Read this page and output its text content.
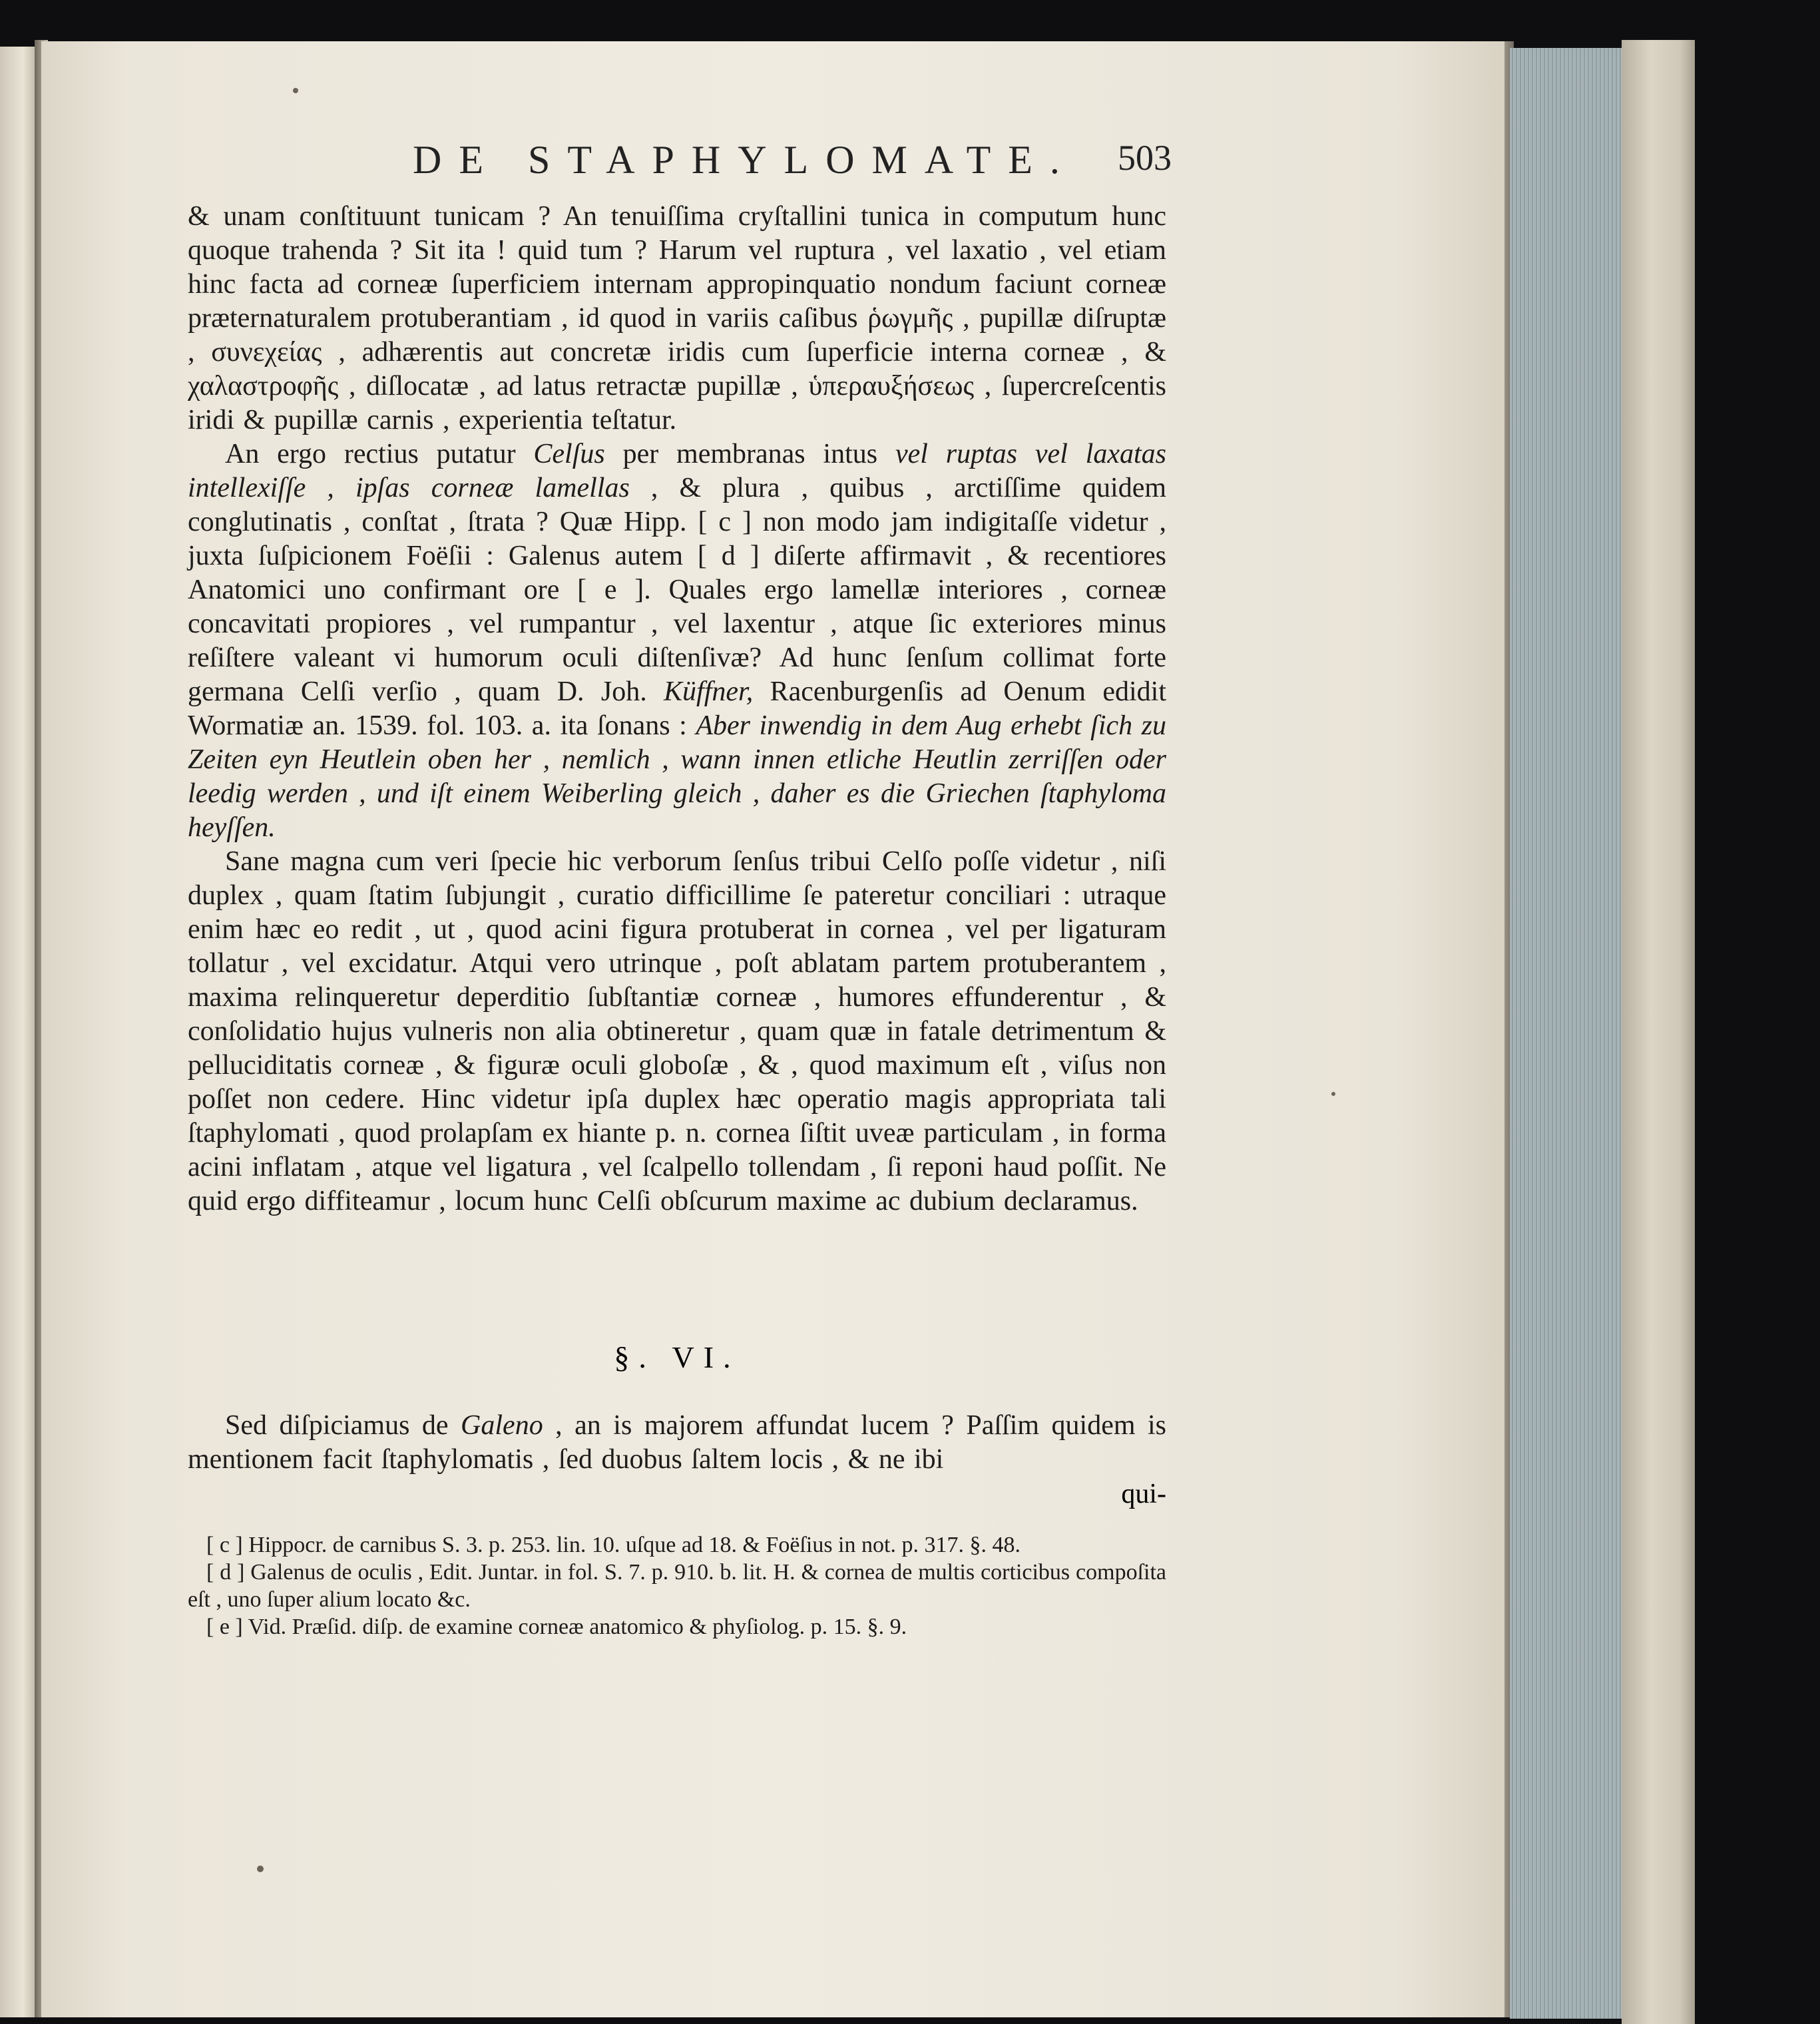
DE STAPHYLOMATE. 503

& unam conſtituunt tunicam ? An tenuiſſima cryſtallini tunica in computum hunc quoque trahenda ? Sit ita ! quid tum ? Harum vel ruptura , vel laxatio , vel etiam hinc facta ad corneæ ſuperficiem internam appropinquatio nondum faciunt corneæ præternaturalem protuberantiam , id quod in variis caſibus ῥωγμῆς , pupillæ diſruptæ , συνεχείας , adhærentis aut concretæ iridis cum ſuperficie interna corneæ , & χαλαστροφῆς , diſlocatæ , ad latus retractæ pupillæ , ὑπεραυξήσεως , ſupercreſcentis iridi & pupillæ carnis , experientia teſtatur.

An ergo rectius putatur Celſus per membranas intus vel ruptas vel laxatas intellexiſſe , ipſas corneæ lamellas , & plura , quibus , arctiſſime quidem conglutinatis , conſtat , ſtrata ? Quæ Hipp. [ c ] non modo jam indigitaſſe videtur , juxta ſuſpicionem Foëſii : Galenus autem [ d ] diſerte affirmavit , & recentiores Anatomici uno confirmant ore [ e ]. Quales ergo lamellæ interiores , corneæ concavitati propiores , vel rumpantur , vel laxentur , atque ſic exteriores minus reſiſtere valeant vi humorum oculi diſtenſivæ? Ad hunc ſenſum collimat forte germana Celſi verſio , quam D. Joh. Küffner, Racenburgenſis ad Oenum edidit Wormatiæ an. 1539. fol. 103. a. ita ſonans : Aber inwendig in dem Aug erhebt ſich zu Zeiten eyn Heutlein oben her , nemlich , wann innen etliche Heutlin zerriſſen oder leedig werden , und iſt einem Weiberling gleich , daher es die Griechen ſtaphyloma heyſſen.

Sane magna cum veri ſpecie hic verborum ſenſus tribui Celſo poſſe videtur , niſi duplex , quam ſtatim ſubjungit , curatio difficillime ſe pateretur conciliari : utraque enim hæc eo redit , ut , quod acini figura protuberat in cornea , vel per ligaturam tollatur , vel excidatur. Atqui vero utrinque , poſt ablatam partem protuberantem , maxima relinqueretur deperditio ſubſtantiæ corneæ , humores effunderentur , & conſolidatio hujus vulneris non alia obtineretur , quam quæ in fatale detrimentum & pelluciditatis corneæ , & figuræ oculi globoſæ , & , quod maximum eſt , viſus non poſſet non cedere. Hinc videtur ipſa duplex hæc operatio magis appropriata tali ſtaphylomati , quod prolapſam ex hiante p. n. cornea ſiſtit uveæ particulam , in forma acini inflatam , atque vel ligatura , vel ſcalpello tollendam , ſi reponi haud poſſit. Ne quid ergo diffiteamur , locum hunc Celſi obſcurum maxime ac dubium declaramus.

§. VI.

Sed diſpiciamus de Galeno , an is majorem affundat lucem ? Paſſim quidem is mentionem facit ſtaphylomatis , ſed duobus ſaltem locis , & ne ibi

qui-

[ c ] Hippocr. de carnibus S. 3. p. 253. lin. 10. uſque ad 18. & Foëſius in not. p. 317. §. 48.

[ d ] Galenus de oculis , Edit. Juntar. in fol. S. 7. p. 910. b. lit. H. & cornea de multis corticibus compoſita eſt , uno ſuper alium locato &c.

[ e ] Vid. Præſid. diſp. de examine corneæ anatomico & phyſiolog. p. 15. §. 9.
